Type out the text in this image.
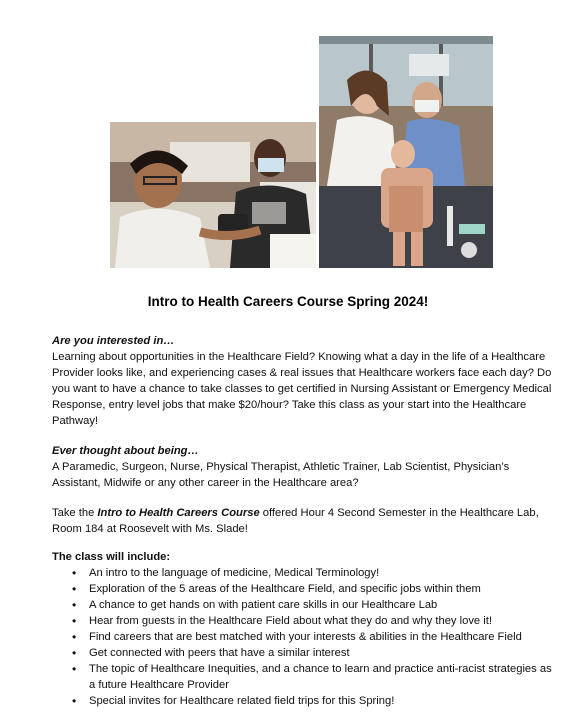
Intro to Health Careers Course Spring 2024!

Are you interested in…

Learning about opportunities in the Healthcare Field? Knowing what a day in the life of a Healthcare Provider looks like, and experiencing cases & real issues that Healthcare workers face each day? Do you want to have a chance to take classes to get certified in Nursing Assistant or Emergency Medical Response, entry level jobs that make $20/hour? Take this class as your start into the Healthcare Pathway!

Ever thought about being…

A Paramedic, Surgeon, Nurse, Physical Therapist, Athletic Trainer, Lab Scientist, Physician’s Assistant, Midwife or any other career in the Healthcare area?

Take the Intro to Health Careers Course offered Hour 4 Second Semester in the Healthcare Lab, Room 184 at Roosevelt with Ms. Slade!

The class will include:

• An intro to the language of medicine, Medical Terminology!
• Exploration of the 5 areas of the Healthcare Field, and specific jobs within them
• A chance to get hands on with patient care skills in our Healthcare Lab
• Hear from guests in the Healthcare Field about what they do and why they love it!
• Find careers that are best matched with your interests & abilities in the Healthcare Field
• Get connected with peers that have a similar interest
• The topic of Healthcare Inequities, and a chance to learn and practice anti-racist strategies as a future Healthcare Provider
• Special invites for Healthcare related field trips for this Spring!
